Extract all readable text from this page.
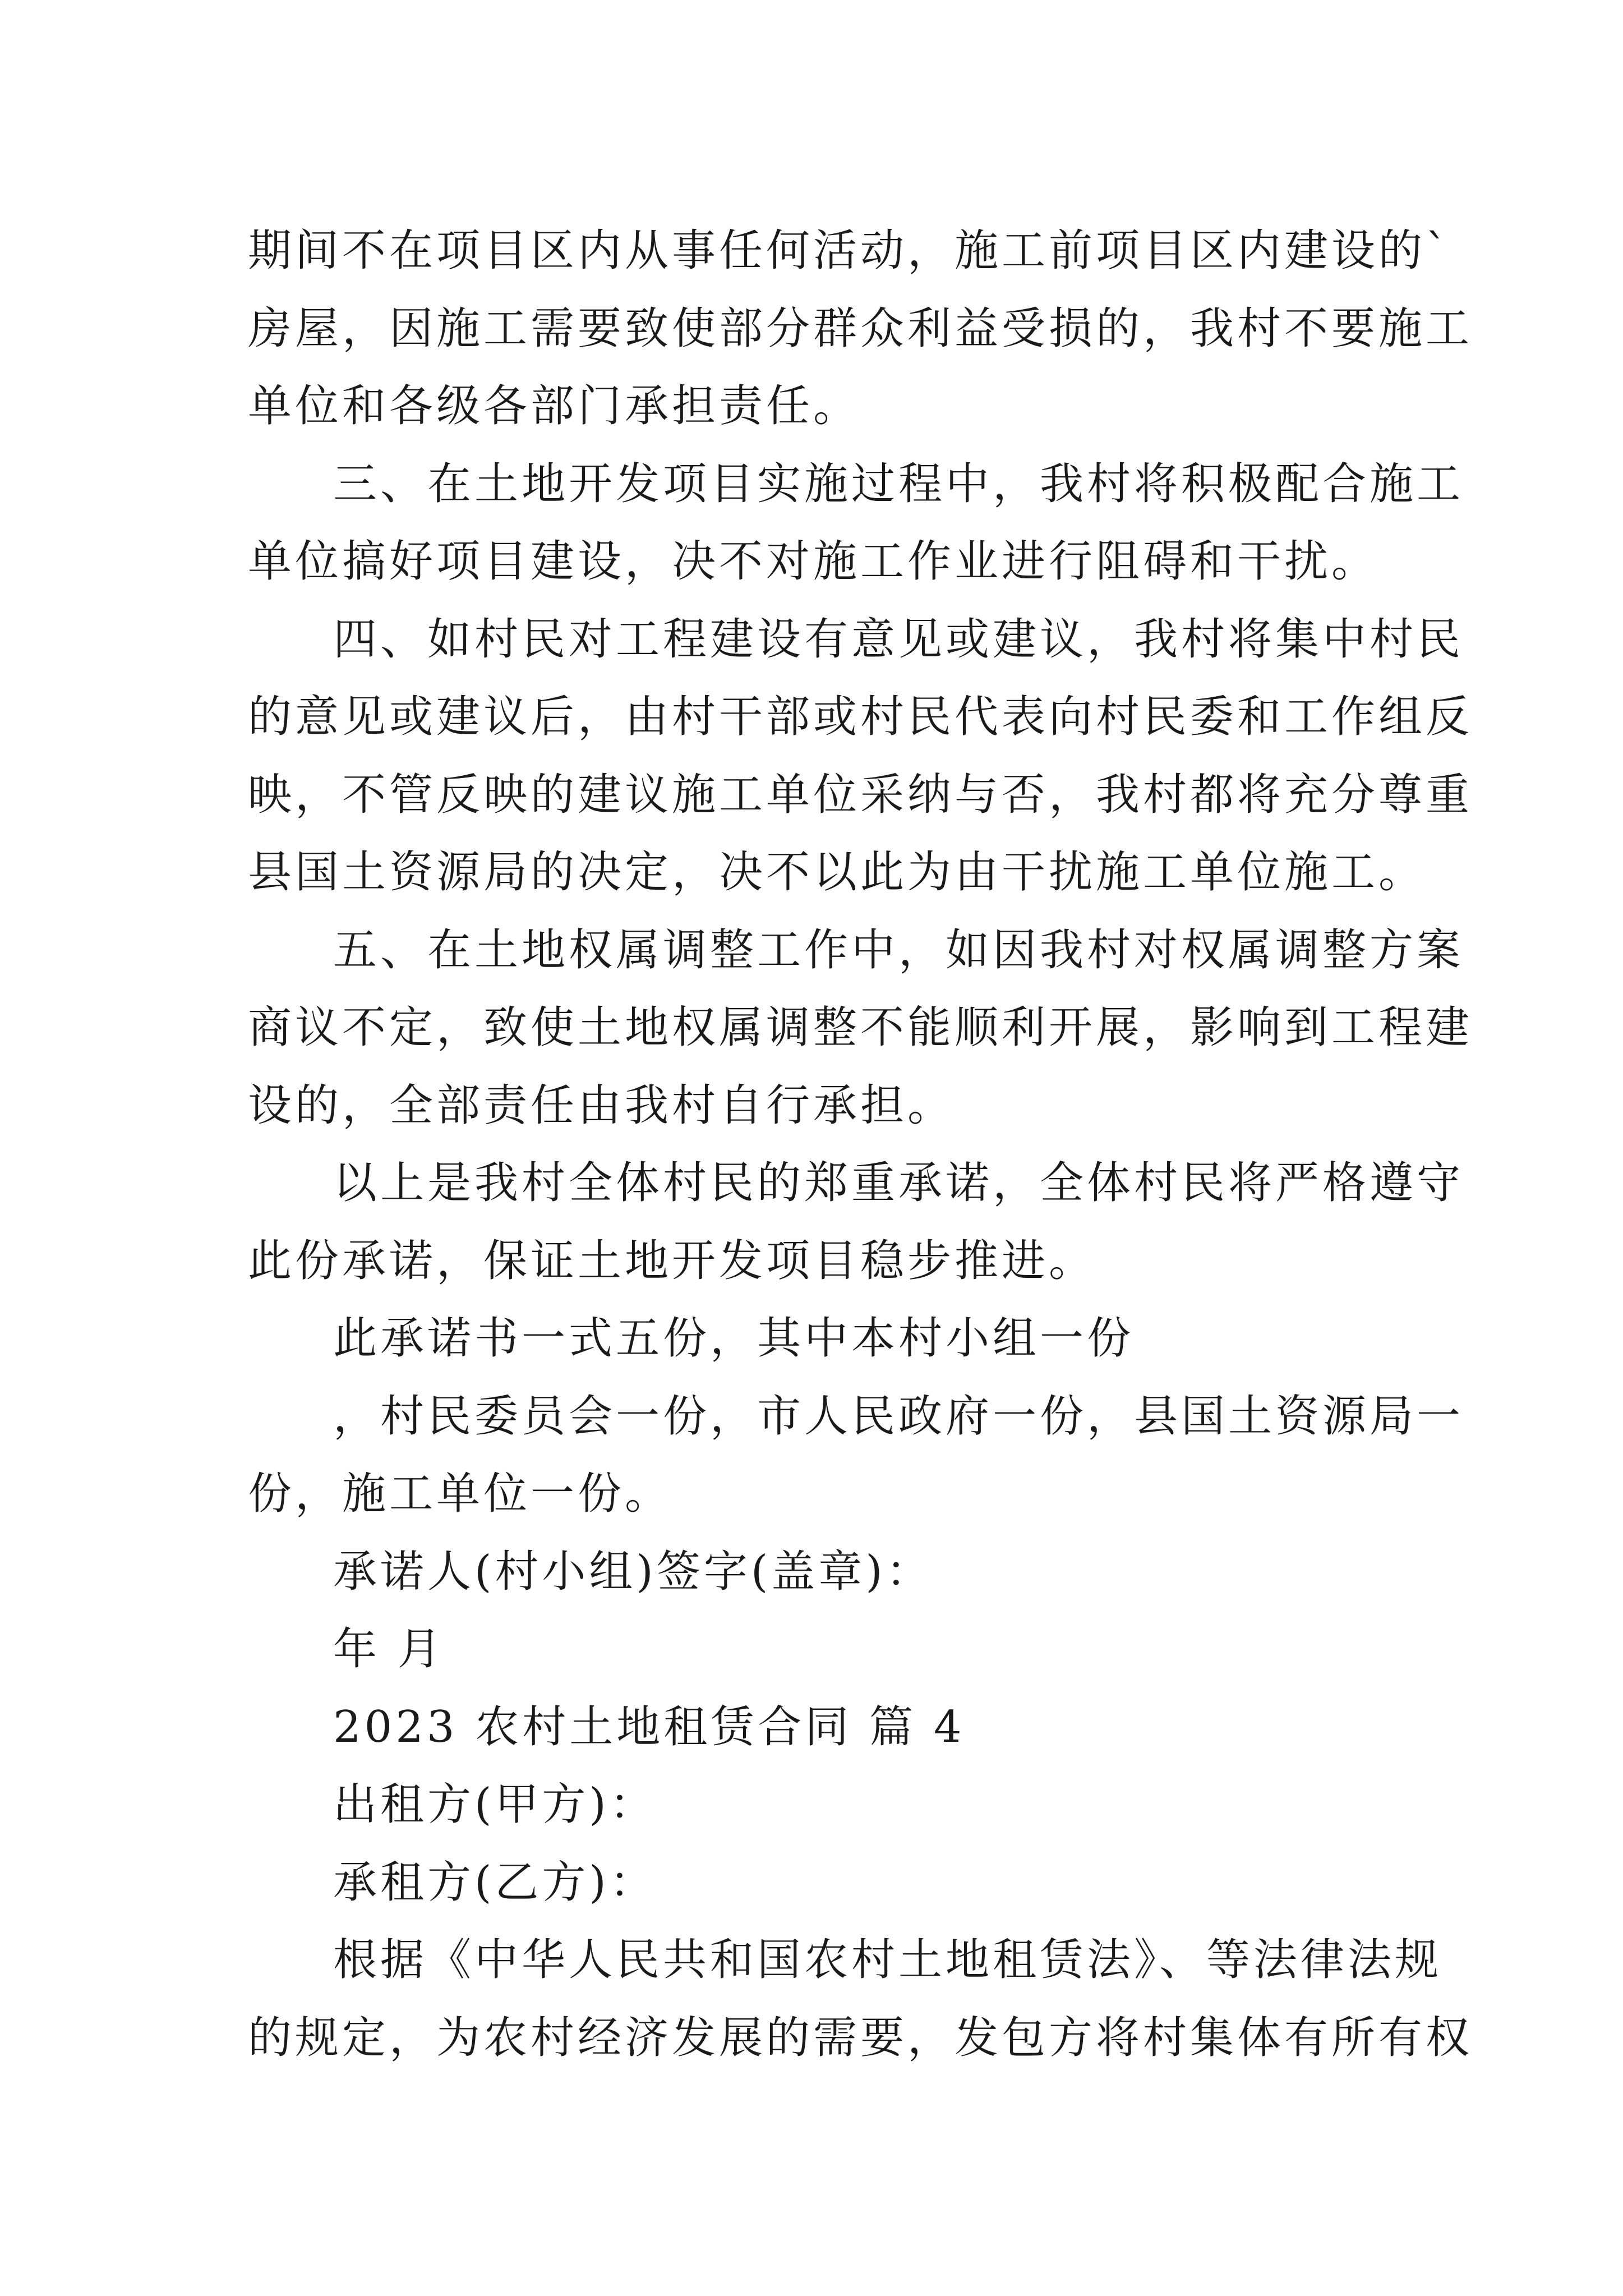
期间不在项目区内从事任何活动，施工前项目区内建设的`
房屋，因施工需要致使部分群众利益受损的，我村不要施工
单位和各级各部门承担责任。
三、在土地开发项目实施过程中，我村将积极配合施工
单位搞好项目建设，决不对施工作业进行阻碍和干扰。
四、如村民对工程建设有意见或建议，我村将集中村民
的意见或建议后，由村干部或村民代表向村民委和工作组反
映，不管反映的建议施工单位采纳与否，我村都将充分尊重
县国土资源局的决定，决不以此为由干扰施工单位施工。
五、在土地权属调整工作中，如因我村对权属调整方案
商议不定，致使土地权属调整不能顺利开展，影响到工程建
设的，全部责任由我村自行承担。
以上是我村全体村民的郑重承诺，全体村民将严格遵守
此份承诺，保证土地开发项目稳步推进。
此承诺书一式五份，其中本村小组一份
，村民委员会一份，市人民政府一份，县国土资源局一
份，施工单位一份。
承诺人(村小组)签字(盖章)：
年 月
2023 农村土地租赁合同 篇 4
出租方(甲方)：
承租方(乙方)：
根据《中华人民共和国农村土地租赁法》、等法律法规
的规定，为农村经济发展的需要，发包方将村集体有所有权
